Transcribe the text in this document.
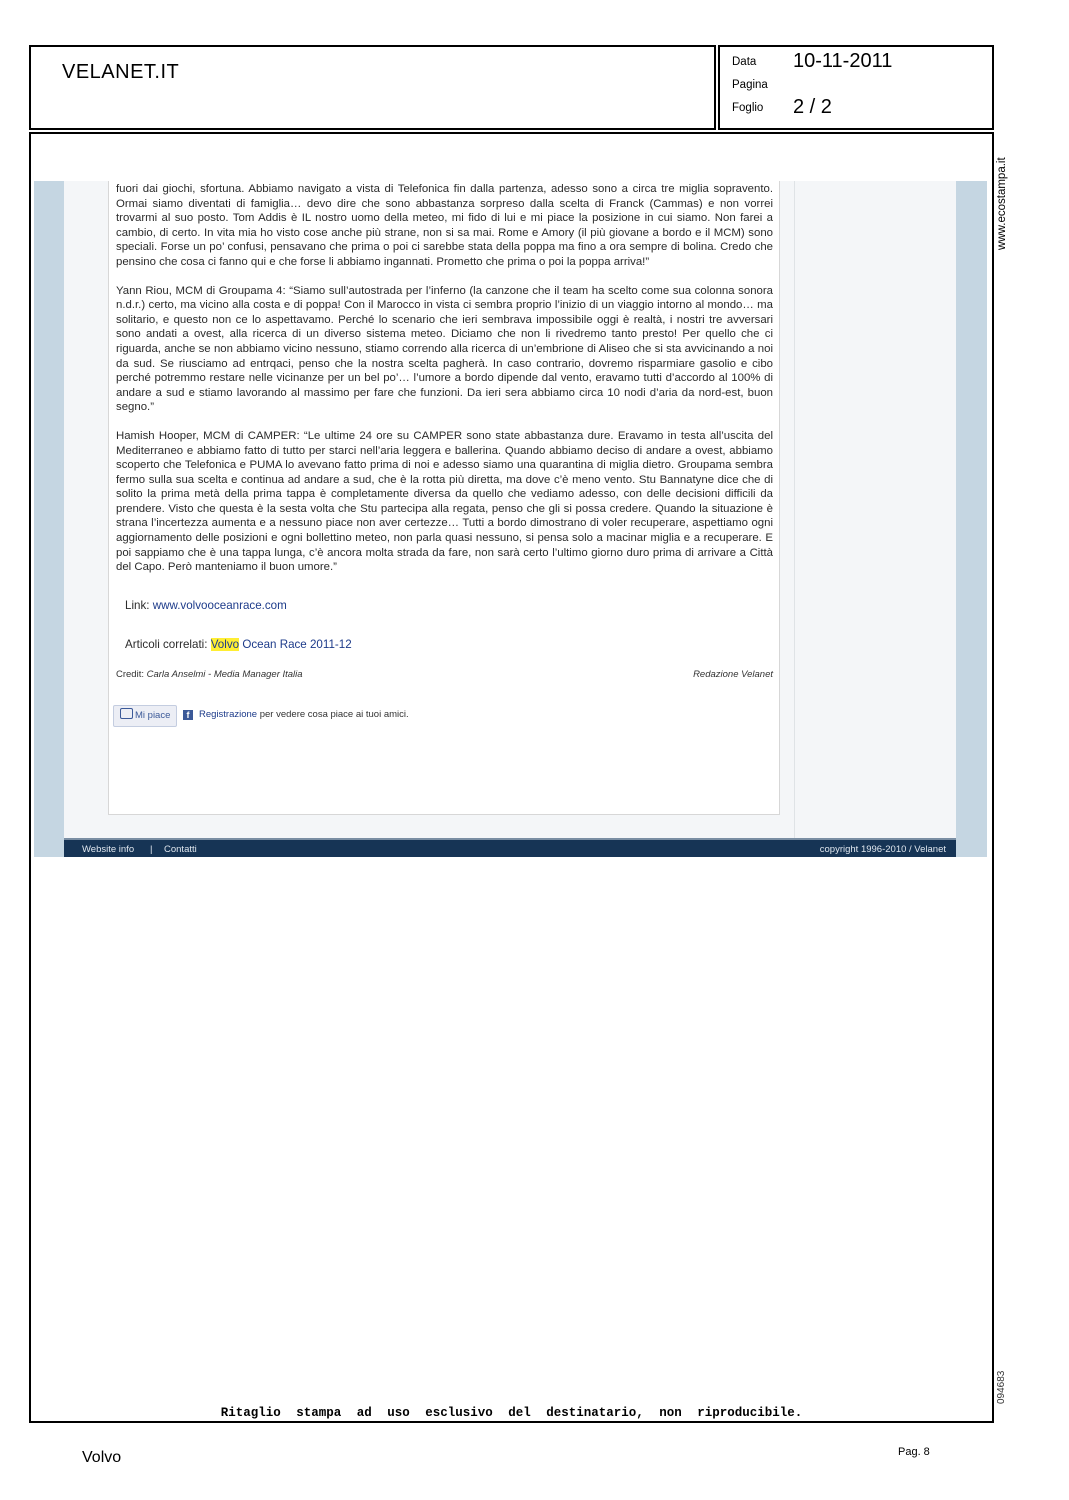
VELANET.IT	Data 10-11-2011
Pagina
Foglio 2 / 2
www.ecostampa.it
094683

fuori dai giochi, sfortuna. Abbiamo navigato a vista di Telefonica fin dalla partenza, adesso sono a circa tre miglia sopravento. Ormai siamo diventati di famiglia… devo dire che sono abbastanza sorpreso dalla scelta di Franck (Cammas) e non vorrei trovarmi al suo posto. Tom Addis è IL nostro uomo della meteo, mi fido di lui e mi piace la posizione in cui siamo. Non farei a cambio, di certo. In vita mia ho visto cose anche più strane, non si sa mai. Rome e Amory (il più giovane a bordo e il MCM) sono speciali. Forse un po’ confusi, pensavano che prima o poi ci sarebbe stata della poppa ma fino a ora sempre di bolina. Credo che pensino che cosa ci fanno qui e che forse li abbiamo ingannati. Prometto che prima o poi la poppa arriva!”

Yann Riou, MCM di Groupama 4: “Siamo sull’autostrada per l’inferno (la canzone che il team ha scelto come sua colonna sonora n.d.r.) certo, ma vicino alla costa e di poppa! Con il Marocco in vista ci sembra proprio l’inizio di un viaggio intorno al mondo… ma solitario, e questo non ce lo aspettavamo. Perché lo scenario che ieri sembrava impossibile oggi è realtà, i nostri tre avversari sono andati a ovest, alla ricerca di un diverso sistema meteo. Diciamo che non li rivedremo tanto presto! Per quello che ci riguarda, anche se non abbiamo vicino nessuno, stiamo correndo alla ricerca di un’embrione di Aliseo che si sta avvicinando a noi da sud. Se riusciamo ad entrqaci, penso che la nostra scelta pagherà. In caso contrario, dovremo risparmiare gasolio e cibo perché potremmo restare nelle vicinanze per un bel po’… l’umore a bordo dipende dal vento, eravamo tutti d’accordo al 100% di andare a sud e stiamo lavorando al massimo per fare che funzioni. Da ieri sera abbiamo circa 10 nodi d’aria da nord-est, buon segno.”

Hamish Hooper, MCM di CAMPER: “Le ultime 24 ore su CAMPER sono state abbastanza dure. Eravamo in testa all’uscita del Mediterraneo e abbiamo fatto di tutto per starci nell’aria leggera e ballerina. Quando abbiamo deciso di andare a ovest, abbiamo scoperto che Telefonica e PUMA lo avevano fatto prima di noi e adesso siamo una quarantina di miglia dietro. Groupama sembra fermo sulla sua scelta e continua ad andare a sud, che è la rotta più diretta, ma dove c’è meno vento. Stu Bannatyne dice che di solito la prima metà della prima tappa è completamente diversa da quello che vediamo adesso, con delle decisioni difficili da prendere. Visto che questa è la sesta volta che Stu partecipa alla regata, penso che gli si possa credere. Quando la situazione è strana l’incertezza aumenta e a nessuno piace non aver certezze… Tutti a bordo dimostrano di voler recuperare, aspettiamo ogni aggiornamento delle posizioni e ogni bollettino meteo, non parla quasi nessuno, si pensa solo a macinar miglia e a recuperare. E poi sappiamo che è una tappa lunga, c’è ancora molta strada da fare, non sarà certo l’ultimo giorno duro prima di arrivare a Città del Capo. Però manteniamo il buon umore.”

Link: www.volvooceanrace.com
Articoli correlati: Volvo Ocean Race 2011-12
Credit: Carla Anselmi - Media Manager Italia	Redazione Velanet
Mi piace	f	Registrazione per vedere cosa piace ai tuoi amici.
Website info | Contatti	copyright 1996-2010 / Velanet
Ritaglio stampa ad uso esclusivo del destinatario, non riproducibile.
Volvo	Pag. 8
